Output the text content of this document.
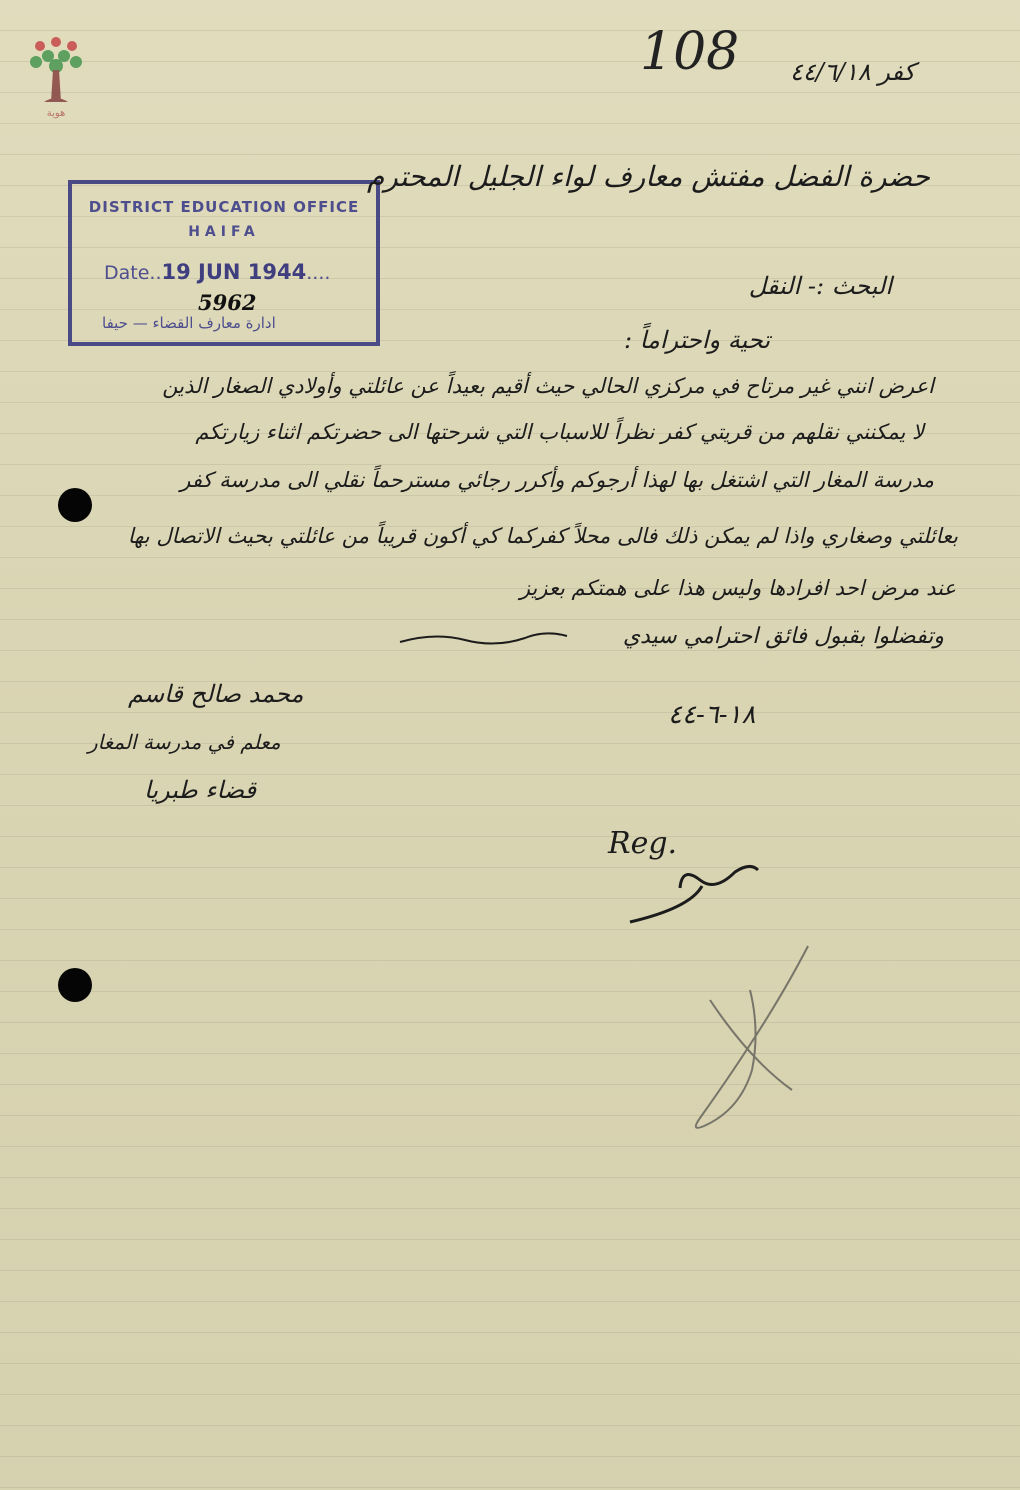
هوية
108 كفر ٤٤/٦/١٨
DISTRICT EDUCATION OFFICE
HAIFA
Date..19 JUN 1944....
5962
ادارة معارف القضاء — حيفا
حضرة الفضل مفتش معارف لواء الجليل المحترم
البحث :- النقل
تحية واحتراماً :
اعرض انني غير مرتاح في مركزي الحالي حيث أقيم بعيداً عن عائلتي وأولادي الصغار الذين
لا يمكنني نقلهم من قريتي كفر نظراً للاسباب التي شرحتها الى حضرتكم اثناء زيارتكم
مدرسة المغار التي اشتغل بها لهذا أرجوكم وأكرر رجائي مسترحماً نقلي الى مدرسة كفر
بعائلتي وصغاري واذا لم يمكن ذلك فالى محلاً كفركما كي أكون قريباً من عائلتي بحيث الاتصال بها
عند مرض احد افرادها وليس هذا على همتكم بعزيز
وتفضلوا بقبول فائق احترامي سيدي
محمد صالح قاسم
معلم في مدرسة المغار
قضاء طبريا
١٨-٦-٤٤
Reg.
